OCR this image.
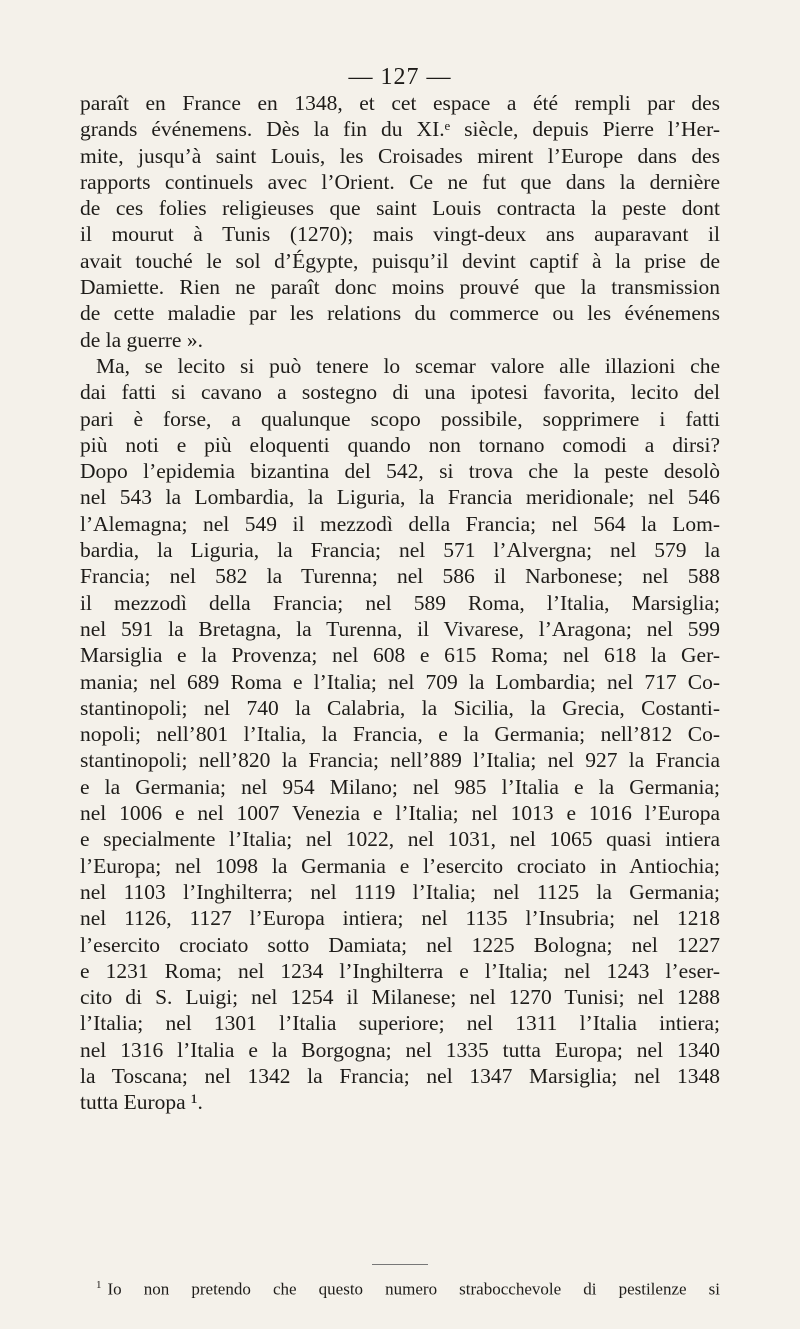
— 127 —
paraît en France en 1348, et cet espace a été rempli par des
grands événemens. Dès la fin du XI.ᵉ siècle, depuis Pierre l’Her-
mite, jusqu’à saint Louis, les Croisades mirent l’Europe dans des
rapports continuels avec l’Orient. Ce ne fut que dans la dernière
de ces folies religieuses que saint Louis contracta la peste dont
il mourut à Tunis (1270); mais vingt-deux ans auparavant il
avait touché le sol d’Égypte, puisqu’il devint captif à la prise de
Damiette. Rien ne paraît donc moins prouvé que la transmission
de cette maladie par les relations du commerce ou les événemens
de la guerre ».
Ma, se lecito si può tenere lo scemar valore alle illazioni che
dai fatti si cavano a sostegno di una ipotesi favorita, lecito del
pari è forse, a qualunque scopo possibile, sopprimere i fatti
più noti e più eloquenti quando non tornano comodi a dirsi?
Dopo l’epidemia bizantina del 542, si trova che la peste desolò
nel 543 la Lombardia, la Liguria, la Francia meridionale; nel 546
l’Alemagna; nel 549 il mezzodì della Francia; nel 564 la Lom-
bardia, la Liguria, la Francia; nel 571 l’Alvergna; nel 579 la
Francia; nel 582 la Turenna; nel 586 il Narbonese; nel 588
il mezzodì della Francia; nel 589 Roma, l’Italia, Marsiglia;
nel 591 la Bretagna, la Turenna, il Vivarese, l’Aragona; nel 599
Marsiglia e la Provenza; nel 608 e 615 Roma; nel 618 la Ger-
mania; nel 689 Roma e l’Italia; nel 709 la Lombardia; nel 717 Co-
stantinopoli; nel 740 la Calabria, la Sicilia, la Grecia, Costanti-
nopoli; nell’801 l’Italia, la Francia, e la Germania; nell’812 Co-
stantinopoli; nell’820 la Francia; nell’889 l’Italia; nel 927 la Francia
e la Germania; nel 954 Milano; nel 985 l’Italia e la Germania;
nel 1006 e nel 1007 Venezia e l’Italia; nel 1013 e 1016 l’Europa
e specialmente l’Italia; nel 1022, nel 1031, nel 1065 quasi intiera
l’Europa; nel 1098 la Germania e l’esercito crociato in Antiochia;
nel 1103 l’Inghilterra; nel 1119 l’Italia; nel 1125 la Germania;
nel 1126, 1127 l’Europa intiera; nel 1135 l’Insubria; nel 1218
l’esercito crociato sotto Damiata; nel 1225 Bologna; nel 1227
e 1231 Roma; nel 1234 l’Inghilterra e l’Italia; nel 1243 l’eser-
cito di S. Luigi; nel 1254 il Milanese; nel 1270 Tunisi; nel 1288
l’Italia; nel 1301 l’Italia superiore; nel 1311 l’Italia intiera;
nel 1316 l’Italia e la Borgogna; nel 1335 tutta Europa; nel 1340
la Toscana; nel 1342 la Francia; nel 1347 Marsiglia; nel 1348
tutta Europa ¹.
$^1$ Io non pretendo che questo numero strabocchevole di pestilenze si
